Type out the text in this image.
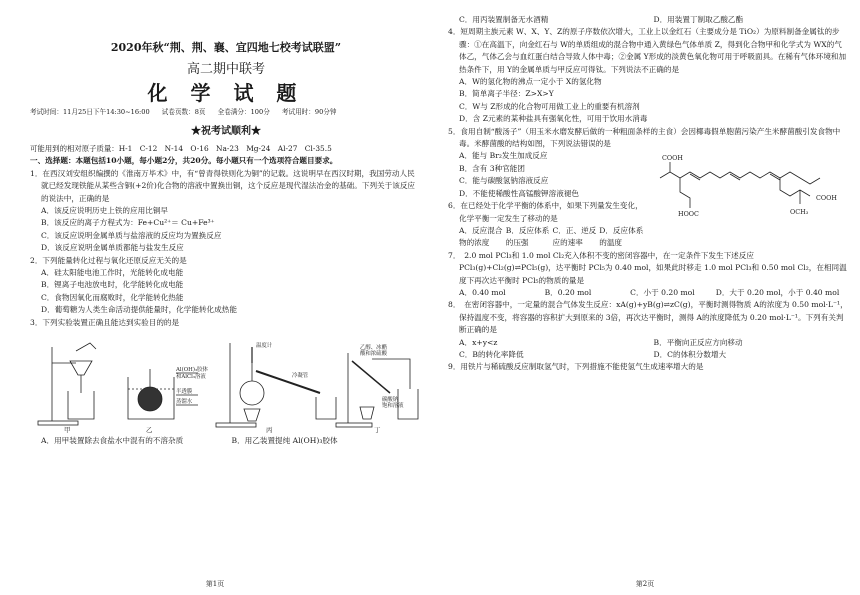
2020年秋“荆、荆、襄、宜四地七校考试联盟”
高二期中联考
化 学 试 题
考试时间：11月25日下午14:30~16:00 试卷页数：8页 全卷满分：100分 考试用时：90分钟
★祝考试顺利★
可能用到的相对原子质量：H-1　C-12　N-14　O-16　Na-23　Mg-24　Al-27　Cl-35.5
一、选择题：本题包括10小题，每小题2分，共20分。每小题只有一个选项符合题目要求。

1．在西汉刘安组织编撰的《淮南万毕术》中，有“曾青得铁则化为铜”的记载。这说明早在西汉时期，我国劳动人民就已经发现铁能从某些含铜(+2价)化合物的溶液中置换出铜，这个反应是现代湿法冶金的基础。下列关于该反应的说法中，正确的是

A．该反应说明历史上铁的应用比铜早
B．该反应的离子方程式为：Fe+Cu²⁺＝ Cu+Fe³⁺
C．该反应说明金属单质与盐溶液的反应均为置换反应
D．该反应说明金属单质都能与盐发生反应

2．下列能量转化过程与氧化还原反应无关的是

A．硅太阳能电池工作时，光能转化成电能
B．锂离子电池放电时，化学能转化成电能
C．食物因氧化而腐败时，化学能转化热能
D．葡萄糖为人类生命活动提供能量时，化学能转化成热能

3．下列实验装置正确且能达到实验目的的是

Al(OH)₃胶体
和AlCl₃溶液
半透膜
蒸馏水
温度计
冷凝管
乙醇、冰醋
酸和浓硫酸
碳酸钠
饱和溶液
甲	乙	丙	丁
A．用甲装置除去食盐水中混有的不溶杂质	B．用乙装置提纯 Al(OH)₃胶体
第1页
C．用丙装置制备无水酒精	D．用装置丁制取乙酸乙酯

4．短周期主族元素 W、X、Y、Z的原子序数依次增大，工业上以金红石（主要成分是 TiO₂）为原料制备金属钛的步骤：①在高温下，向金红石与 W的单质组成的混合物中通入黄绿色气体单质 Z，得到化合物甲和化学式为 WX的气体乙，气体乙会与血红蛋白结合导致人体中毒；②金属 Y形成的淡黄色氧化物可用于呼吸面具。在稀有气体环境和加热条件下，用 Y的金属单质与甲反应可得钛。下列说法不正确的是

A．W的氢化物的沸点一定小于 X的氢化物
B．简单离子半径：Z>X>Y
C．W与 Z形成的化合物可用做工业上的重要有机溶剂
D．含 Z元素的某种盐具有强氧化性，可用于饮用水消毒

5．食用自制“酸汤子”（用玉米水磨发酵后做的一种粗面条样的主食）会因椰毒假单胞菌污染产生米酵菌酸引发食物中毒。米酵菌酸的结构如图，下列说法错误的是

COOH
HOOC
COOH
OCH₃
A．能与 Br₂发生加成反应
B．含有 3种官能团
C．能与碳酸氢钠溶液反应
D．不能使稀酸性高锰酸钾溶液褪色

6．在已经处于化学平衡的体系中，如果下列量发生变化，化学平衡一定发生了移动的是

A．反应混合物的浓度
B．反应体系的压强
C．正、逆反应的速率
D．反应体系的温度

7．　2.0 mol PCl₃和 1.0 mol Cl₂充入体积不变的密闭容器中，在一定条件下发生下述反应

PCl₃(g)+Cl₂(g)⇌PCl₅(g)，达平衡时 PCl₅为 0.40 mol，如果此时移走 1.0 mol PCl₃和 0.50 mol Cl₂，在相同温度下再次达平衡时 PCl₅的物质的量是
A．0.40 mol	B．0.20 mol	C．小于 0.20 mol	D．大于 0.20 mol，小于 0.40 mol

8．　在密闭容器中，一定量的混合气体发生反应：xA(g)+yB(g)⇌zC(g)，平衡时测得物质 A的浓度为 0.50 mol·L⁻¹，保持温度不变，将容器的容积扩大到原来的 3倍，再次达平衡时，测得 A的浓度降低为 0.20 mol·L⁻¹。下列有关判断正确的是

A．x+y<z	B．平衡向正反应方向移动
C．B的转化率降低	D．C的体积分数增大

9．用铁片与稀硫酸反应制取氢气时，下列措施不能使氢气生成速率增大的是

第2页
